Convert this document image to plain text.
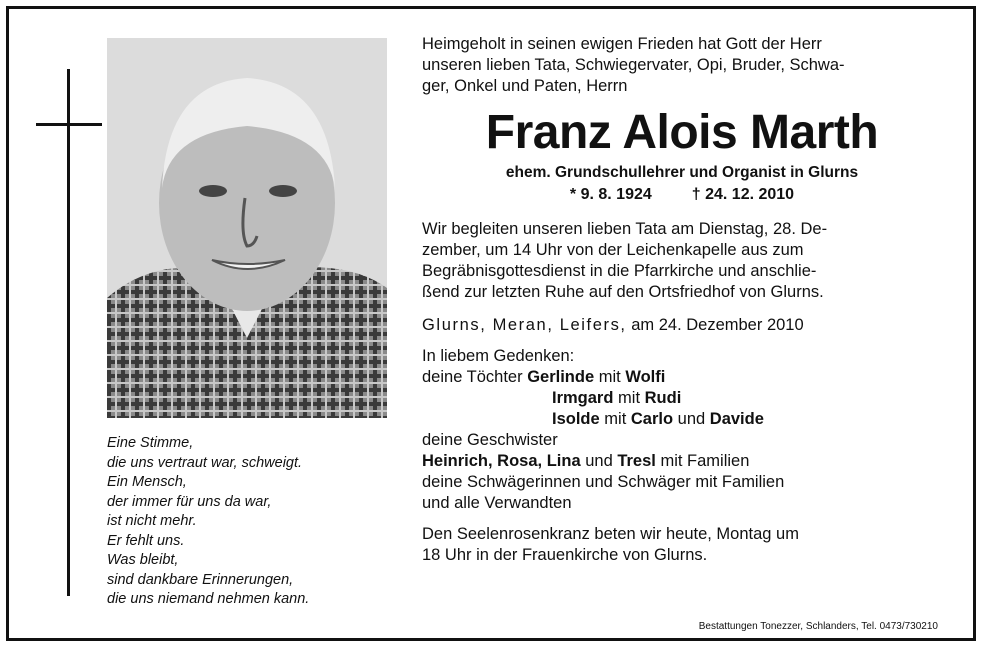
Eine Stimme,
die uns vertraut war, schweigt.
Ein Mensch,
der immer für uns da war,
ist nicht mehr.
Er fehlt uns.
Was bleibt,
sind dankbare Erinnerungen,
die uns niemand nehmen kann.
Heimgeholt in seinen ewigen Frieden hat Gott der Herr
unseren lieben Tata, Schwiegervater, Opi, Bruder, Schwa-
ger, Onkel und Paten, Herrn
Franz Alois Marth
ehem. Grundschullehrer und Organist in Glurns
* 9. 8. 1924	† 24. 12. 2010
Wir begleiten unseren lieben Tata am Dienstag, 28. De-
zember, um 14 Uhr von der Leichenkapelle aus zum
Begräbnisgottesdienst in die Pfarrkirche und anschlie-
ßend zur letzten Ruhe auf den Ortsfriedhof von Glurns.
Glurns, Meran, Leifers, am 24. Dezember 2010
In liebem Gedenken:
deine Töchter Gerlinde mit Wolfi
Irmgard mit Rudi
Isolde mit Carlo und Davide
deine Geschwister
Heinrich, Rosa, Lina und Tresl mit Familien
deine Schwägerinnen und Schwäger mit Familien
und alle Verwandten
Den Seelenrosenkranz beten wir heute, Montag um
18 Uhr in der Frauenkirche von Glurns.
Bestattungen Tonezzer, Schlanders, Tel. 0473/730210
